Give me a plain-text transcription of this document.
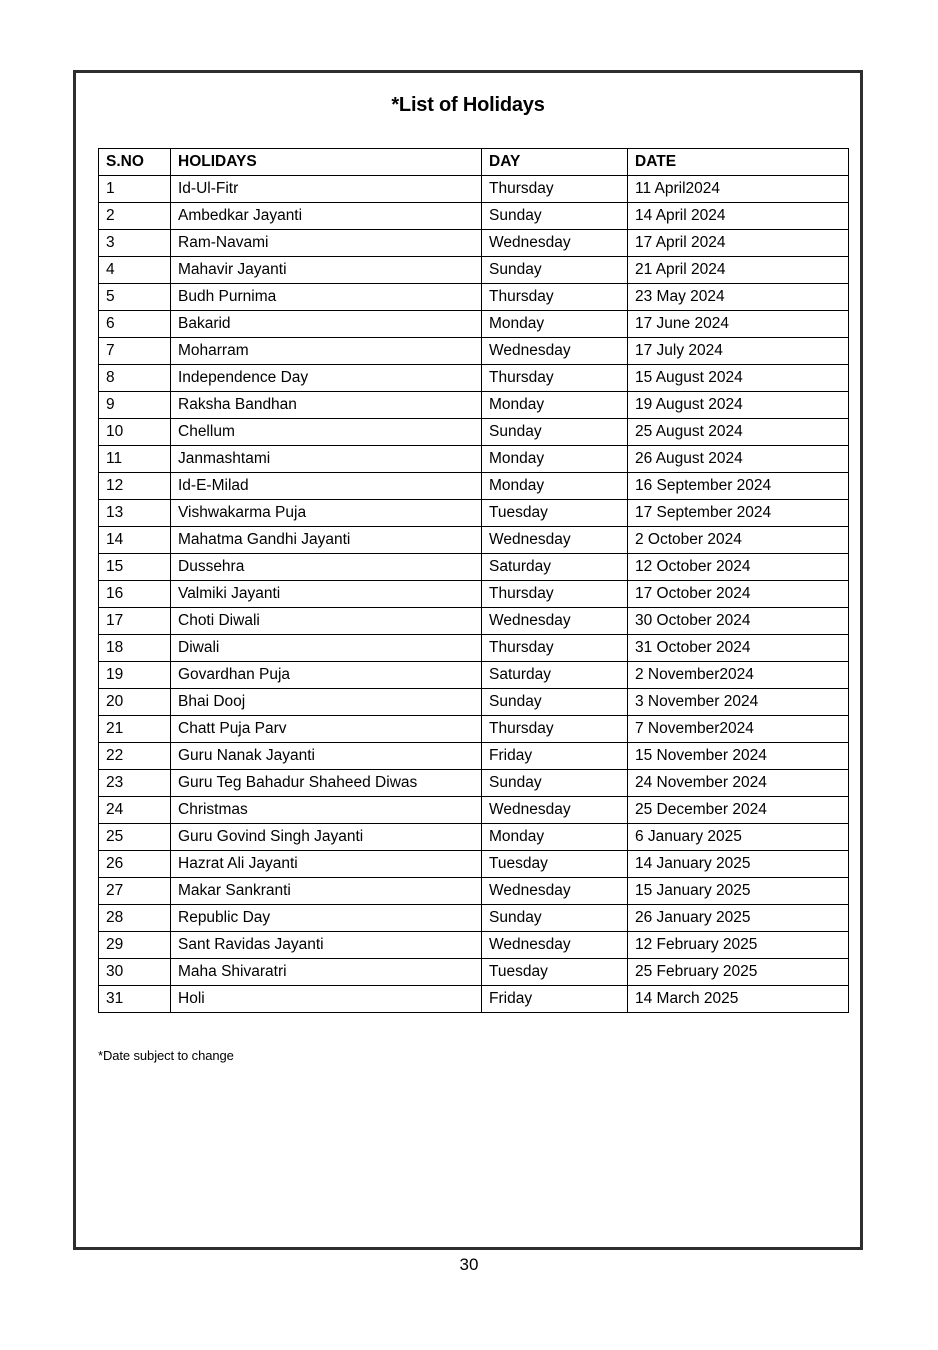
*List of Holidays
S.NO	HOLIDAYS	DAY	DATE
1	Id-Ul-Fitr	Thursday	11 April2024
2	Ambedkar Jayanti	Sunday	14 April 2024
3	Ram-Navami	Wednesday	17 April 2024
4	Mahavir Jayanti	Sunday	21 April 2024
5	Budh Purnima	Thursday	23 May 2024
6	Bakarid	Monday	17 June 2024
7	Moharram	Wednesday	17 July 2024
8	Independence Day	Thursday	15 August 2024
9	Raksha Bandhan	Monday	19 August 2024
10	Chellum	Sunday	25 August 2024
11	Janmashtami	Monday	26 August 2024
12	Id-E-Milad	Monday	16 September 2024
13	Vishwakarma Puja	Tuesday	17 September 2024
14	Mahatma Gandhi Jayanti	Wednesday	2 October 2024
15	Dussehra	Saturday	12 October 2024
16	Valmiki Jayanti	Thursday	17 October 2024
17	Choti Diwali	Wednesday	30 October 2024
18	Diwali	Thursday	31 October 2024
19	Govardhan Puja	Saturday	2 November2024
20	Bhai Dooj	Sunday	3 November 2024
21	Chatt Puja Parv	Thursday	7 November2024
22	Guru Nanak Jayanti	Friday	15 November 2024
23	Guru Teg Bahadur Shaheed Diwas	Sunday	24 November 2024
24	Christmas	Wednesday	25 December 2024
25	Guru Govind Singh Jayanti	Monday	6 January 2025
26	Hazrat Ali Jayanti	Tuesday	14 January 2025
27	Makar Sankranti	Wednesday	15 January 2025
28	Republic Day	Sunday	26 January 2025
29	Sant Ravidas Jayanti	Wednesday	12 February 2025
30	Maha Shivaratri	Tuesday	25 February 2025
31	Holi	Friday	14 March 2025
*Date subject to change
30
